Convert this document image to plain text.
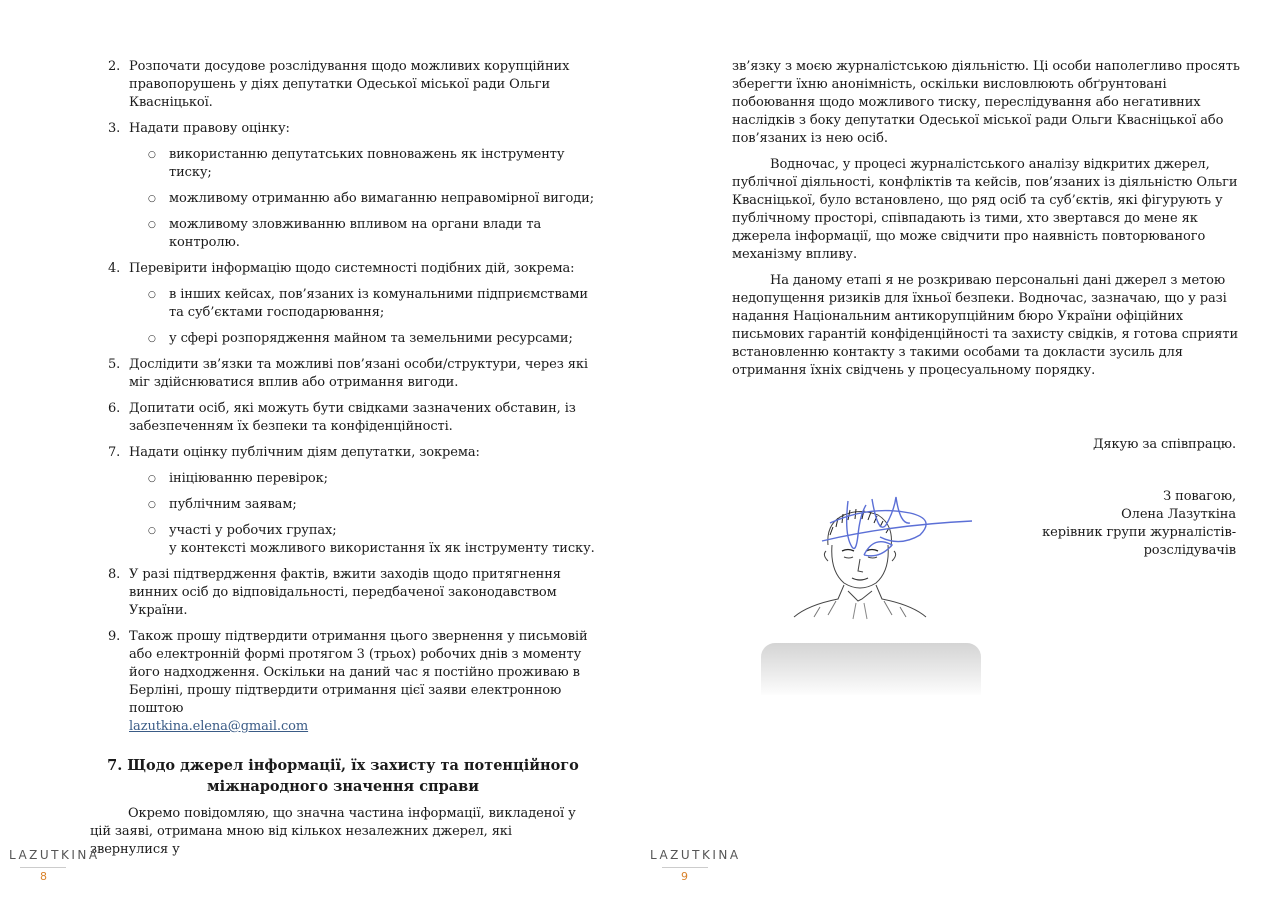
2. Розпочати досудове розслідування щодо можливих корупційних правопорушень у діях депутатки Одеської міської ради Ольги Квасніцької.
3. Надати правову оцінку:
○ використанню депутатських повноважень як інструменту тиску;
○ можливому отриманню або вимаганню неправомірної вигоди;
○ можливому зловживанню впливом на органи влади та контролю.
4. Перевірити інформацію щодо системності подібних дій, зокрема:
○ в інших кейсах, пов’язаних із комунальними підприємствами та суб’єктами господарювання;
○ у сфері розпорядження майном та земельними ресурсами;
5. Дослідити зв’язки та можливі пов’язані особи/структури, через які міг здійснюватися вплив або отримання вигоди.
6. Допитати осіб, які можуть бути свідками зазначених обставин, із забезпеченням їх безпеки та конфіденційності.
7. Надати оцінку публічним діям депутатки, зокрема:
○ ініціюванню перевірок;
○ публічним заявам;
○ участі у робочих групах;
у контексті можливого використання їх як інструменту тиску.
8. У разі підтвердження фактів, вжити заходів щодо притягнення винних осіб до відповідальності, передбаченої законодавством України.
9. Також прошу підтвердити отримання цього звернення у письмовій або електронній формі протягом 3 (трьох) робочих днів з моменту його надходження. Оскільки на даний час я постійно проживаю в Берліні, прошу підтвердити отримання цієї заяви електронною поштою
lazutkina.elena@gmail.com
7. Щодо джерел інформації, їх захисту та потенційного міжнародного значення справи
Окремо повідомляю, що значна частина інформації, викладеної у цій заяві, отримана мною від кількох незалежних джерел, які звернулися у
LAZUTKINA
8

зв’язку з моєю журналістською діяльністю. Ці особи наполегливо просять зберегти їхню анонімність, оскільки висловлюють обґрунтовані побоювання щодо можливого тиску, переслідування або негативних наслідків з боку депутатки Одеської міської ради Ольги Квасніцької або пов’язаних із нею осіб.

Водночас, у процесі журналістського аналізу відкритих джерел, публічної діяльності, конфліктів та кейсів, пов’язаних із діяльністю Ольги Квасніцької, було встановлено, що ряд осіб та суб’єктів, які фігурують у публічному просторі, співпадають із тими, хто звертався до мене як джерела інформації, що може свідчити про наявність повторюваного механізму впливу.

На даному етапі я не розкриваю персональні дані джерел з метою недопущення ризиків для їхньої безпеки. Водночас, зазначаю, що у разі надання Національним антикорупційним бюро України офіційних письмових гарантій конфіденційності та захисту свідків, я готова сприяти встановленню контакту з такими особами та докласти зусиль для отримання їхніх свідчень у процесуальному порядку.

Дякую за співпрацю.
З повагою,
Олена Лазуткіна
керівник групи журналістів-розслідувачів
LAZUTKINA
9
